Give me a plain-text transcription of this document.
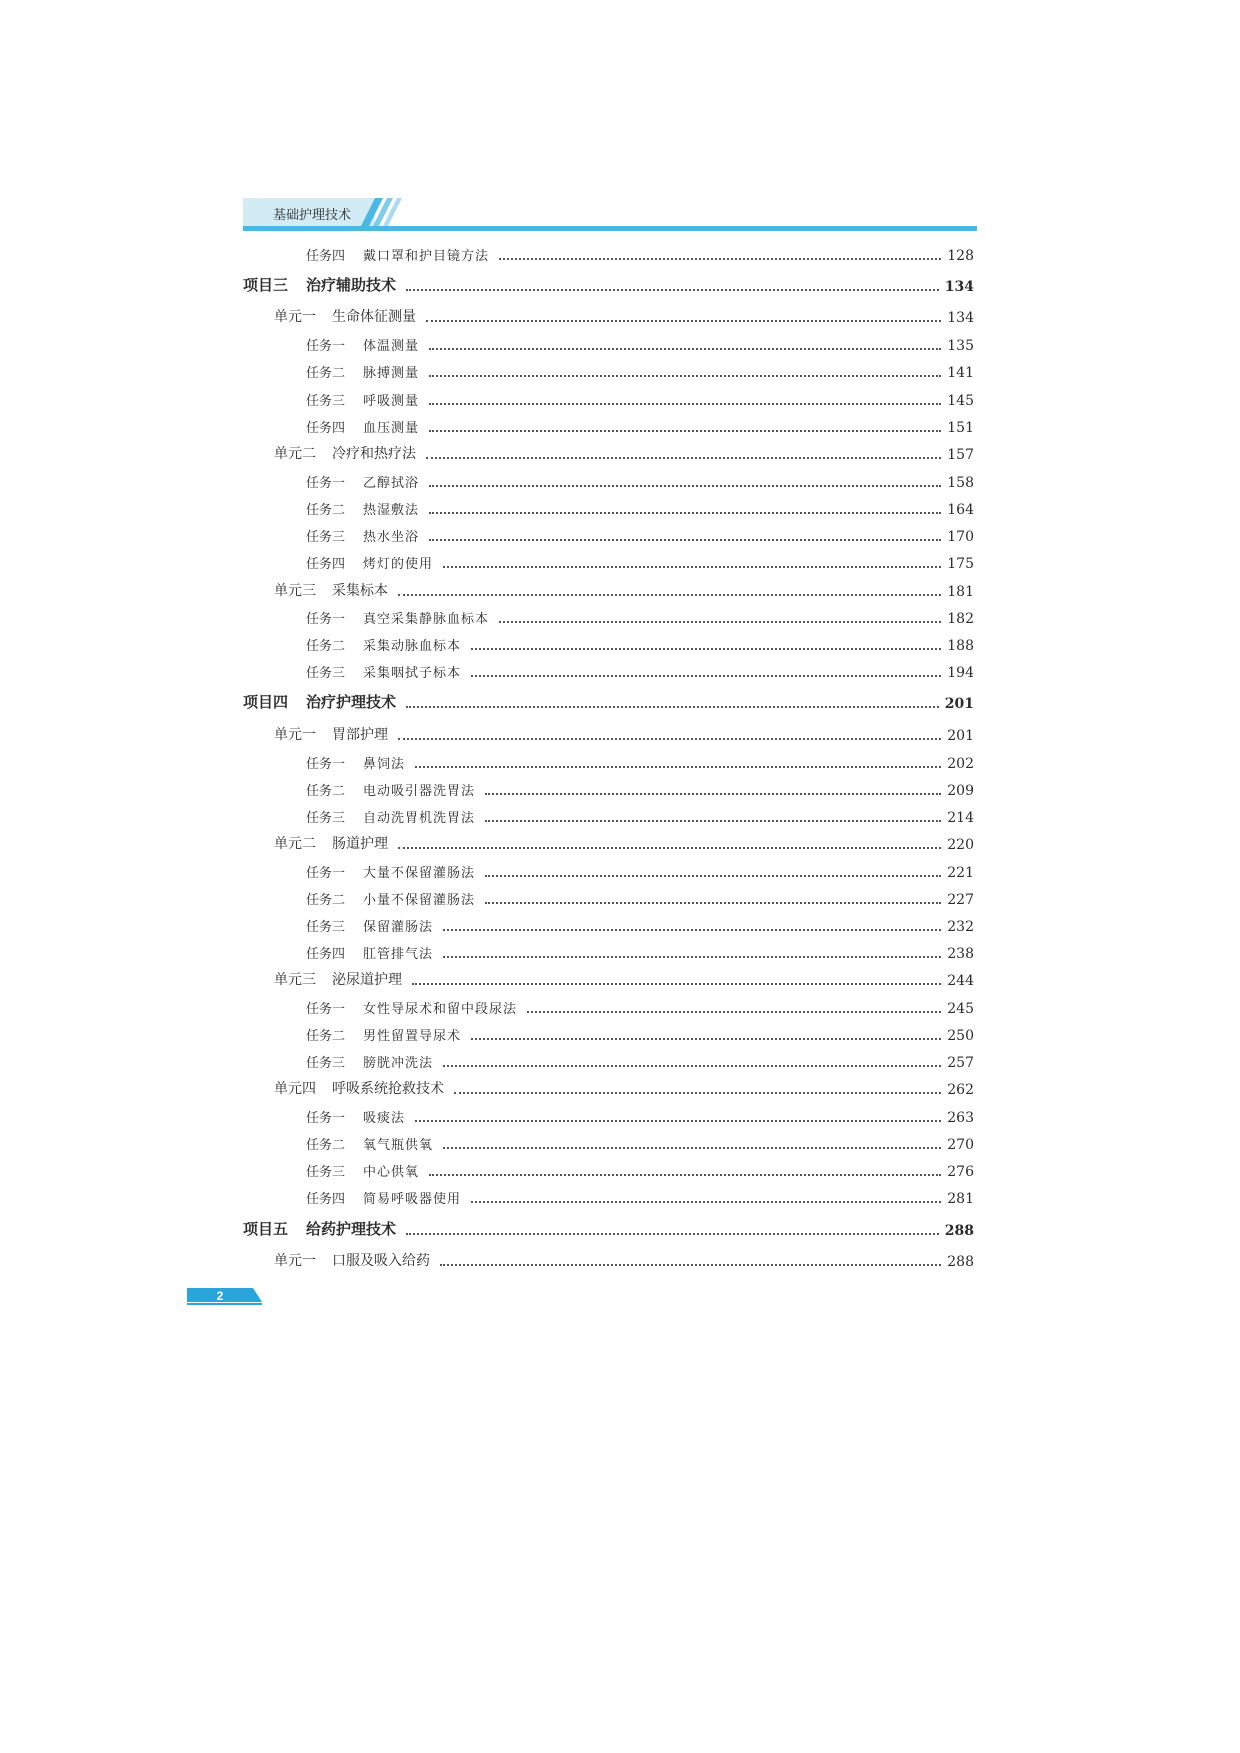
基础护理技术
任务四 戴口罩和护目镜方法	128
项目三 治疗辅助技术	134
单元一 生命体征测量	134
任务一 体温测量	135
任务二 脉搏测量	141
任务三 呼吸测量	145
任务四 血压测量	151
单元二 冷疗和热疗法	157
任务一 乙醇拭浴	158
任务二 热湿敷法	164
任务三 热水坐浴	170
任务四 烤灯的使用	175
单元三 采集标本	181
任务一 真空采集静脉血标本	182
任务二 采集动脉血标本	188
任务三 采集咽拭子标本	194
项目四 治疗护理技术	201
单元一 胃部护理	201
任务一 鼻饲法	202
任务二 电动吸引器洗胃法	209
任务三 自动洗胃机洗胃法	214
单元二 肠道护理	220
任务一 大量不保留灌肠法	221
任务二 小量不保留灌肠法	227
任务三 保留灌肠法	232
任务四 肛管排气法	238
单元三 泌尿道护理	244
任务一 女性导尿术和留中段尿法	245
任务二 男性留置导尿术	250
任务三 膀胱冲洗法	257
单元四 呼吸系统抢救技术	262
任务一 吸痰法	263
任务二 氧气瓶供氧	270
任务三 中心供氧	276
任务四 简易呼吸器使用	281
项目五 给药护理技术	288
单元一 口服及吸入给药	288
2
